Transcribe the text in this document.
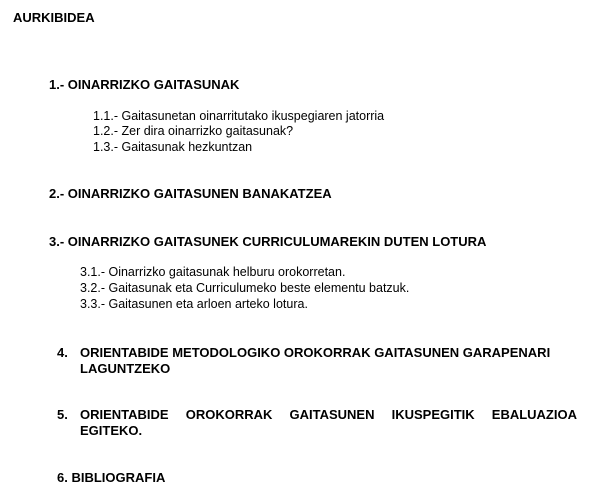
AURKIBIDEA
1.- OINARRIZKO GAITASUNAK
1.1.- Gaitasunetan oinarritutako ikuspegiaren jatorria
1.2.- Zer dira oinarrizko gaitasunak?
1.3.- Gaitasunak hezkuntzan
2.- OINARRIZKO GAITASUNEN BANAKATZEA
3.- OINARRIZKO GAITASUNEK CURRICULUMAREKIN DUTEN LOTURA
3.1.- Oinarrizko gaitasunak helburu orokorretan.
3.2.- Gaitasunak eta Curriculumeko beste elementu batzuk.
3.3.- Gaitasunen eta arloen arteko lotura.
4. ORIENTABIDE METODOLOGIKO OROKORRAK GAITASUNEN GARAPENARI
LAGUNTZEKO
5. ORIENTABIDE OROKORRAK GAITASUNEN IKUSPEGITIK EBALUAZIOA
EGITEKO.
6. BIBLIOGRAFIA
